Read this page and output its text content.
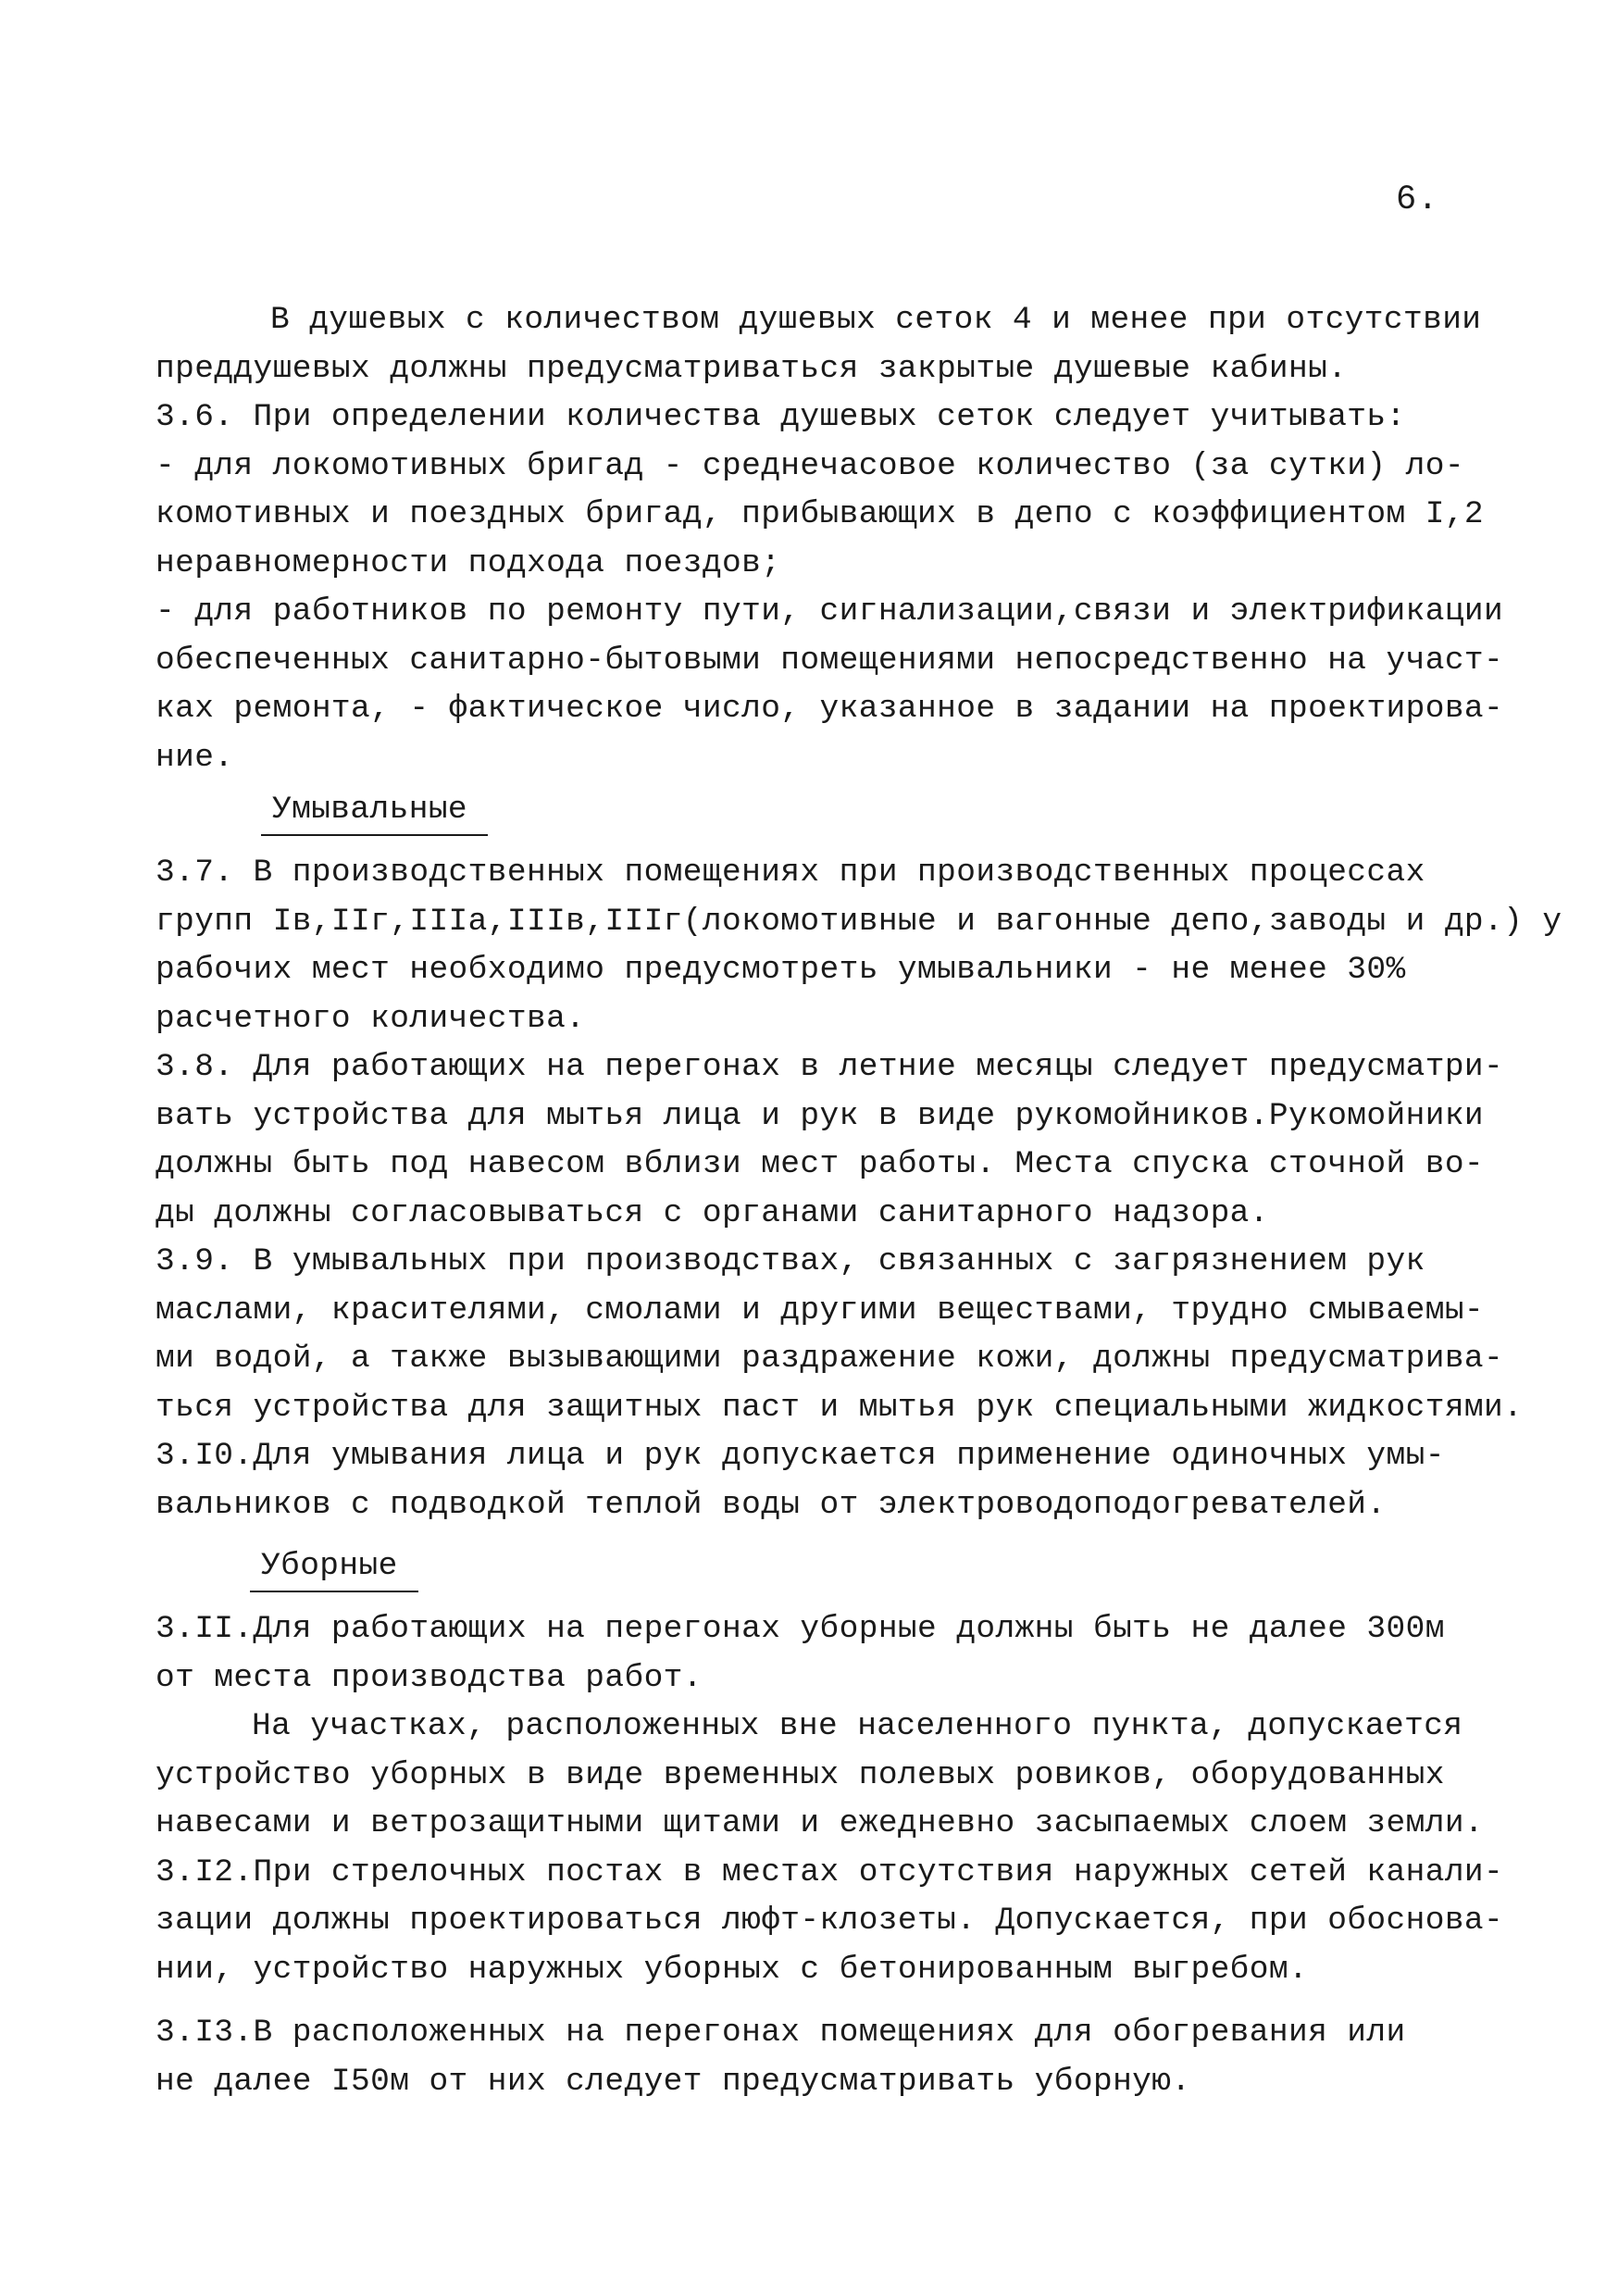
6.
В душевых с количеством душевых сеток 4 и менее при отсутствии
преддушевых должны предусматриваться закрытые душевые кабины.
3.6. При определении количества душевых сеток следует учитывать:
- для локомотивных бригад - среднечасовое количество (за сутки) ло-
комотивных и поездных бригад, прибывающих в депо с коэффициентом I,2
неравномерности подхода поездов;
- для работников по ремонту пути, сигнализации,связи и электрификации
обеспеченных санитарно-бытовыми помещениями непосредственно на участ-
ках ремонта, - фактическое число, указанное в задании на проектирова-
ние.
Умывальные
3.7. В производственных помещениях при производственных процессах
групп Iв,IIг,IIIа,IIIв,IIIг(локомотивные и вагонные депо,заводы и др.) у
рабочих мест необходимо предусмотреть умывальники - не менее 30%
расчетного количества.
3.8. Для работающих на перегонах в летние месяцы следует предусматри-
вать устройства для мытья лица и рук в виде рукомойников.Рукомойники
должны быть под навесом вблизи мест работы. Места спуска сточной во-
ды должны согласовываться с органами санитарного надзора.
3.9. В умывальных при производствах, связанных с загрязнением рук
маслами, красителями, смолами и другими веществами, трудно смываемы-
ми водой, а также вызывающими раздражение кожи, должны предусматрива-
ться устройства для защитных паст и мытья рук специальными жидкостями.
3.I0.Для умывания лица и рук допускается применение одиночных умы-
вальников с подводкой теплой воды от электроводоподогревателей.
Уборные
3.II.Для работающих на перегонах уборные должны быть не далее 300м
от места производства работ.
На участках, расположенных вне населенного пункта, допускается
устройство уборных в виде временных полевых ровиков, оборудованных
навесами и ветрозащитными щитами и ежедневно засыпаемых слоем земли.
3.I2.При стрелочных постах в местах отсутствия наружных сетей канали-
зации должны проектироваться люфт-клозеты. Допускается, при обоснова-
нии, устройство наружных уборных с бетонированным выгребом.
3.I3.В расположенных на перегонах помещениях для обогревания или
не далее I50м от них следует предусматривать уборную.
